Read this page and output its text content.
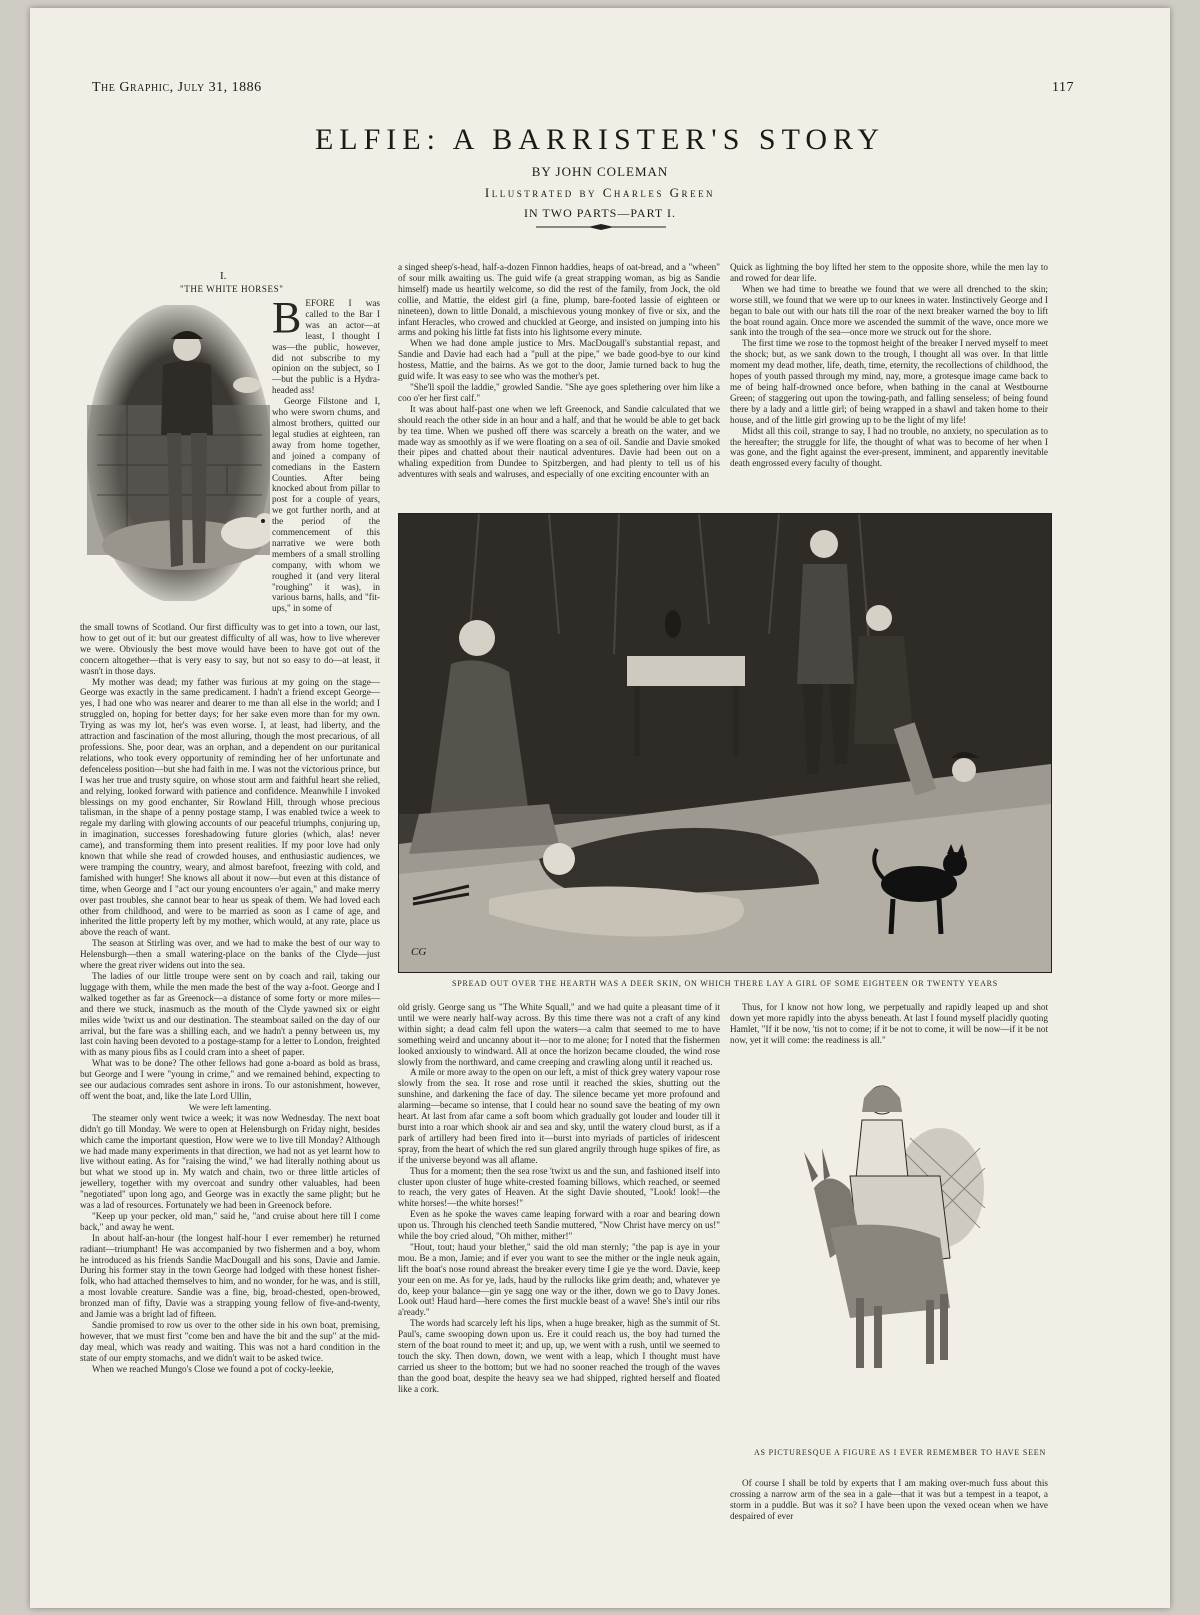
The Graphic, July 31, 1886	117
ELFIE: A BARRISTER'S STORY
BY JOHN COLEMAN
Illustrated by Charles Green
IN TWO PARTS—PART I.
I.
"THE WHITE HORSES"

BEFORE I was called to the Bar I was an actor—at least, I thought I was—the public, however, did not subscribe to my opinion on the subject, so I—but the public is a Hydra-headed ass!

George Filstone and I, who were sworn chums, and almost brothers, quitted our legal studies at eighteen, ran away from home together, and joined a company of comedians in the Eastern Counties. After being knocked about from pillar to post for a couple of years, we got further north, and at the period of the commencement of this narrative we were both members of a small strolling company, with whom we roughed it (and very literal "roughing" it was), in various barns, halls, and "fit-ups," in some of

the small towns of Scotland. Our first difficulty was to get into a town, our last, how to get out of it: but our greatest difficulty of all was, how to live wherever we were. Obviously the best move would have been to have got out of the concern altogether—that is very easy to say, but not so easy to do—at least, it wasn't in those days.

My mother was dead; my father was furious at my going on the stage—George was exactly in the same predicament. I hadn't a friend except George—yes, I had one who was nearer and dearer to me than all else in the world; and I struggled on, hoping for better days; for her sake even more than for my own. Trying as was my lot, her's was even worse. I, at least, had liberty, and the attraction and fascination of the most alluring, though the most precarious, of all professions. She, poor dear, was an orphan, and a dependent on our puritanical relations, who took every opportunity of reminding her of her unfortunate and defenceless position—but she had faith in me. I was not the victorious prince, but I was her true and trusty squire, on whose stout arm and faithful heart she relied, and relying, looked forward with patience and confidence. Meanwhile I invoked blessings on my good enchanter, Sir Rowland Hill, through whose precious talisman, in the shape of a penny postage stamp, I was enabled twice a week to regale my darling with glowing accounts of our peaceful triumphs, conjuring up, in imagination, successes foreshadowing future glories (which, alas! never came), and transforming them into present realities. If my poor love had only known that while she read of crowded houses, and enthusiastic audiences, we were tramping the country, weary, and almost barefoot, freezing with cold, and famished with hunger! She knows all about it now—but even at this distance of time, when George and I "act our young encounters o'er again," and make merry over past troubles, she cannot bear to hear us speak of them. We had loved each other from childhood, and were to be married as soon as I came of age, and inherited the little property left by my mother, which would, at any rate, place us above the reach of want.

The season at Stirling was over, and we had to make the best of our way to Helensburgh—then a small watering-place on the banks of the Clyde—just where the great river widens out into the sea.

The ladies of our little troupe were sent on by coach and rail, taking our luggage with them, while the men made the best of the way a-foot. George and I walked together as far as Greenock—a distance of some forty or more miles—and there we stuck, inasmuch as the mouth of the Clyde yawned six or eight miles wide 'twixt us and our destination. The steamboat sailed on the day of our arrival, but the fare was a shilling each, and we hadn't a penny between us, my last coin having been devoted to a postage-stamp for a letter to London, freighted with as many pious fibs as I could cram into a sheet of paper.

What was to be done? The other fellows had gone a-board as bold as brass, but George and I were "young in crime," and we remained behind, expecting to see our audacious comrades sent ashore in irons. To our astonishment, however, off went the boat, and, like the late Lord Ullin,

We were left lamenting.

The steamer only went twice a week; it was now Wednesday. The next boat didn't go till Monday. We were to open at Helensburgh on Friday night, besides which came the important question, How were we to live till Monday? Although we had made many experiments in that direction, we had not as yet learnt how to live without eating. As for "raising the wind," we had literally nothing about us but what we stood up in. My watch and chain, two or three little articles of jewellery, together with my overcoat and sundry other valuables, had been "negotiated" upon long ago, and George was in exactly the same plight; but he was a lad of resources. Fortunately we had been in Greenock before.

"Keep up your pecker, old man," said he, "and cruise about here till I come back," and away he went.

In about half-an-hour (the longest half-hour I ever remember) he returned radiant—triumphant! He was accompanied by two fishermen and a boy, whom he introduced as his friends Sandie MacDougall and his sons, Davie and Jamie. During his former stay in the town George had lodged with these honest fisher-folk, who had attached themselves to him, and no wonder, for he was, and is still, a most lovable creature. Sandie was a fine, big, broad-chested, open-browed, bronzed man of fifty, Davie was a strapping young fellow of five-and-twenty, and Jamie was a bright lad of fifteen.

Sandie promised to row us over to the other side in his own boat, premising, however, that we must first "come ben and have the bit and the sup" at the mid-day meal, which was ready and waiting. This was not a hard condition in the state of our empty stomachs, and we didn't wait to be asked twice.

When we reached Mungo's Close we found a pot of cocky-leekie,

a singed sheep's-head, half-a-dozen Finnon haddies, heaps of oat-bread, and a "wheen" of sour milk awaiting us. The guid wife (a great strapping woman, as big as Sandie himself) made us heartily welcome, so did the rest of the family, from Jock, the old collie, and Mattie, the eldest girl (a fine, plump, bare-footed lassie of eighteen or nineteen), down to little Donald, a mischievous young monkey of five or six, and the infant Heracles, who crowed and chuckled at George, and insisted on jumping into his arms and poking his little fat fists into his lightsome every minute.

When we had done ample justice to Mrs. MacDougall's substantial repast, and Sandie and Davie had each had a "pull at the pipe," we bade good-bye to our kind hostess, Mattie, and the bairns. As we got to the door, Jamie turned back to hug the guid wife. It was easy to see who was the mother's pet.

"She'll spoil the laddie," growled Sandie. "She aye goes splethering over him like a coo o'er her first calf."

It was about half-past one when we left Greenock, and Sandie calculated that we should reach the other side in an hour and a half, and that he would be able to get back by tea time. When we pushed off there was scarcely a breath on the water, and we made way as smoothly as if we were floating on a sea of oil. Sandie and Davie smoked their pipes and chatted about their nautical adventures. Davie had been out on a whaling expedition from Dundee to Spitzbergen, and had plenty to tell us of his adventures with seals and walruses, and especially of one exciting encounter with an

Quick as lightning the boy lifted her stem to the opposite shore, while the men lay to and rowed for dear life.

When we had time to breathe we found that we were all drenched to the skin; worse still, we found that we were up to our knees in water. Instinctively George and I began to bale out with our hats till the roar of the next breaker warned the boy to lift the boat round again. Once more we ascended the summit of the wave, once more we sank into the trough of the sea—once more we struck out for the shore.

The first time we rose to the topmost height of the breaker I nerved myself to meet the shock; but, as we sank down to the trough, I thought all was over. In that little moment my dead mother, life, death, time, eternity, the recollections of childhood, the hopes of youth passed through my mind, nay, more, a grotesque image came back to me of being half-drowned once before, when bathing in the canal at Westbourne Green; of staggering out upon the towing-path, and falling senseless; of being found there by a lady and a little girl; of being wrapped in a shawl and taken home to their house, and of the little girl growing up to be the light of my life!

Midst all this coil, strange to say, I had no trouble, no anxiety, no speculation as to the hereafter; the struggle for life, the thought of what was to become of her when I was gone, and the fight against the ever-present, imminent, and apparently inevitable death engrossed every faculty of thought.

CG
SPREAD OUT OVER THE HEARTH WAS A DEER SKIN, ON WHICH THERE LAY A GIRL OF SOME EIGHTEEN OR TWENTY YEARS

old grisly. George sang us "The White Squall," and we had quite a pleasant time of it until we were nearly half-way across. By this time there was not a craft of any kind within sight; a dead calm fell upon the waters—a calm that seemed to me to have something weird and uncanny about it—nor to me alone; for I noted that the fishermen looked anxiously to windward. All at once the horizon became clouded, the wind rose slowly from the northward, and came creeping and crawling along until it reached us.

A mile or more away to the open on our left, a mist of thick grey watery vapour rose slowly from the sea. It rose and rose until it reached the skies, shutting out the sunshine, and darkening the face of day. The silence became yet more profound and alarming—became so intense, that I could hear no sound save the beating of my own heart. At last from afar came a soft boom which gradually got louder and louder till it burst into a roar which shook air and sea and sky, until the watery cloud burst, as if a park of artillery had been fired into it—burst into myriads of particles of iridescent spray, from the heart of which the red sun glared angrily through huge spikes of fire, as if the universe beyond was all aflame.

Thus for a moment; then the sea rose 'twixt us and the sun, and fashioned itself into cluster upon cluster of huge white-crested foaming billows, which reached, or seemed to reach, the very gates of Heaven. At the sight Davie shouted, "Look! look!—the white horses!—the white horses!"

Even as he spoke the waves came leaping forward with a roar and bearing down upon us. Through his clenched teeth Sandie muttered, "Now Christ have mercy on us!" while the boy cried aloud, "Oh mither, mither!"

"Hout, tout; haud your blether," said the old man sternly; "the pap is aye in your mou. Be a mon, Jamie; and if ever you want to see the mither or the ingle neuk again, lift the boat's nose round abreast the breaker every time I gie ye the word. Davie, keep your een on me. As for ye, lads, haud by the rullocks like grim death; and, whatever ye do, keep your balance—gin ye sagg one way or the ither, down we go to Davy Jones. Look out! Haud hard—here comes the first muckle beast of a wave! She's intil our ribs a'ready."

The words had scarcely left his lips, when a huge breaker, high as the summit of St. Paul's, came swooping down upon us. Ere it could reach us, the boy had turned the stern of the boat round to meet it; and up, up, we went with a rush, until we seemed to touch the sky. Then down, down, we went with a leap, which I thought must have carried us sheer to the bottom; but we had no sooner reached the trough of the waves than the good boat, despite the heavy sea we had shipped, righted herself and floated like a cork.

Thus, for I know not how long, we perpetually and rapidly leaped up and shot down yet more rapidly into the abyss beneath. At last I found myself placidly quoting Hamlet, "If it be now, 'tis not to come; if it be not to come, it will be now—if it be not now, yet it will come: the readiness is all."

AS PICTURESQUE A FIGURE AS I EVER REMEMBER TO HAVE SEEN

Of course I shall be told by experts that I am making over-much fuss about this crossing a narrow arm of the sea in a gale—that it was but a tempest in a teapot, a storm in a puddle. But was it so? I have been upon the vexed ocean when we have despaired of ever
